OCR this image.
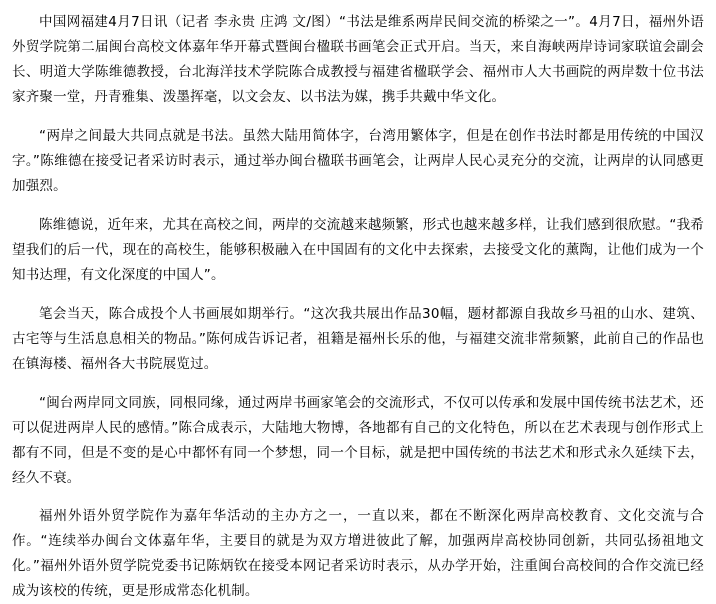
中国网福建4月7日讯（记者 李永贵 庄鸿 文/图）“书法是维系两岸民间交流的桥梁之一”。4月7日，福州外语外贸学院第二届闽台高校文体嘉年华开幕式暨闽台楹联书画笔会正式开启。当天，来自海峡两岸诗词家联谊会副会长、明道大学陈维德教授，台北海洋技术学院陈合成教授与福建省楹联学会、福州市人大书画院的两岸数十位书法家齐聚一堂，丹青雅集、泼墨挥毫，以文会友、以书法为媒，携手共戴中华文化。

“两岸之间最大共同点就是书法。虽然大陆用简体字，台湾用繁体字，但是在创作书法时都是用传统的中国汉字。”陈维德在接受记者采访时表示，通过举办闽台楹联书画笔会，让两岸人民心灵充分的交流，让两岸的认同感更加强烈。

陈维德说，近年来，尤其在高校之间，两岸的交流越来越频繁，形式也越来越多样，让我们感到很欣慰。“我希望我们的后一代，现在的高校生，能够积极融入在中国固有的文化中去探索，去接受文化的薰陶，让他们成为一个知书达理，有文化深度的中国人”。

笔会当天，陈合成投个人书画展如期举行。“这次我共展出作品30幅，题材都源自我故乡马祖的山水、建筑、古宅等与生活息息相关的物品。”陈何成告诉记者，祖籍是福州长乐的他，与福建交流非常频繁，此前自己的作品也在镇海楼、福州各大书院展览过。

“闽台两岸同文同族，同根同缘，通过两岸书画家笔会的交流形式，不仅可以传承和发展中国传统书法艺术，还可以促进两岸人民的感情。”陈合成表示，大陆地大物博，各地都有自己的文化特色，所以在艺术表现与创作形式上都有不同，但是不变的是心中都怀有同一个梦想，同一个目标，就是把中国传统的书法艺术和形式永久延续下去，经久不衰。

福州外语外贸学院作为嘉年华活动的主办方之一，一直以来，都在不断深化两岸高校教育、文化交流与合作。“连续举办闽台文体嘉年华，主要目的就是为双方增进彼此了解，加强两岸高校协同创新，共同弘扬祖地文化。”福州外语外贸学院党委书记陈炳钦在接受本网记者采访时表示，从办学开始，注重闽台高校间的合作交流已经成为该校的传统，更是形成常态化机制。
